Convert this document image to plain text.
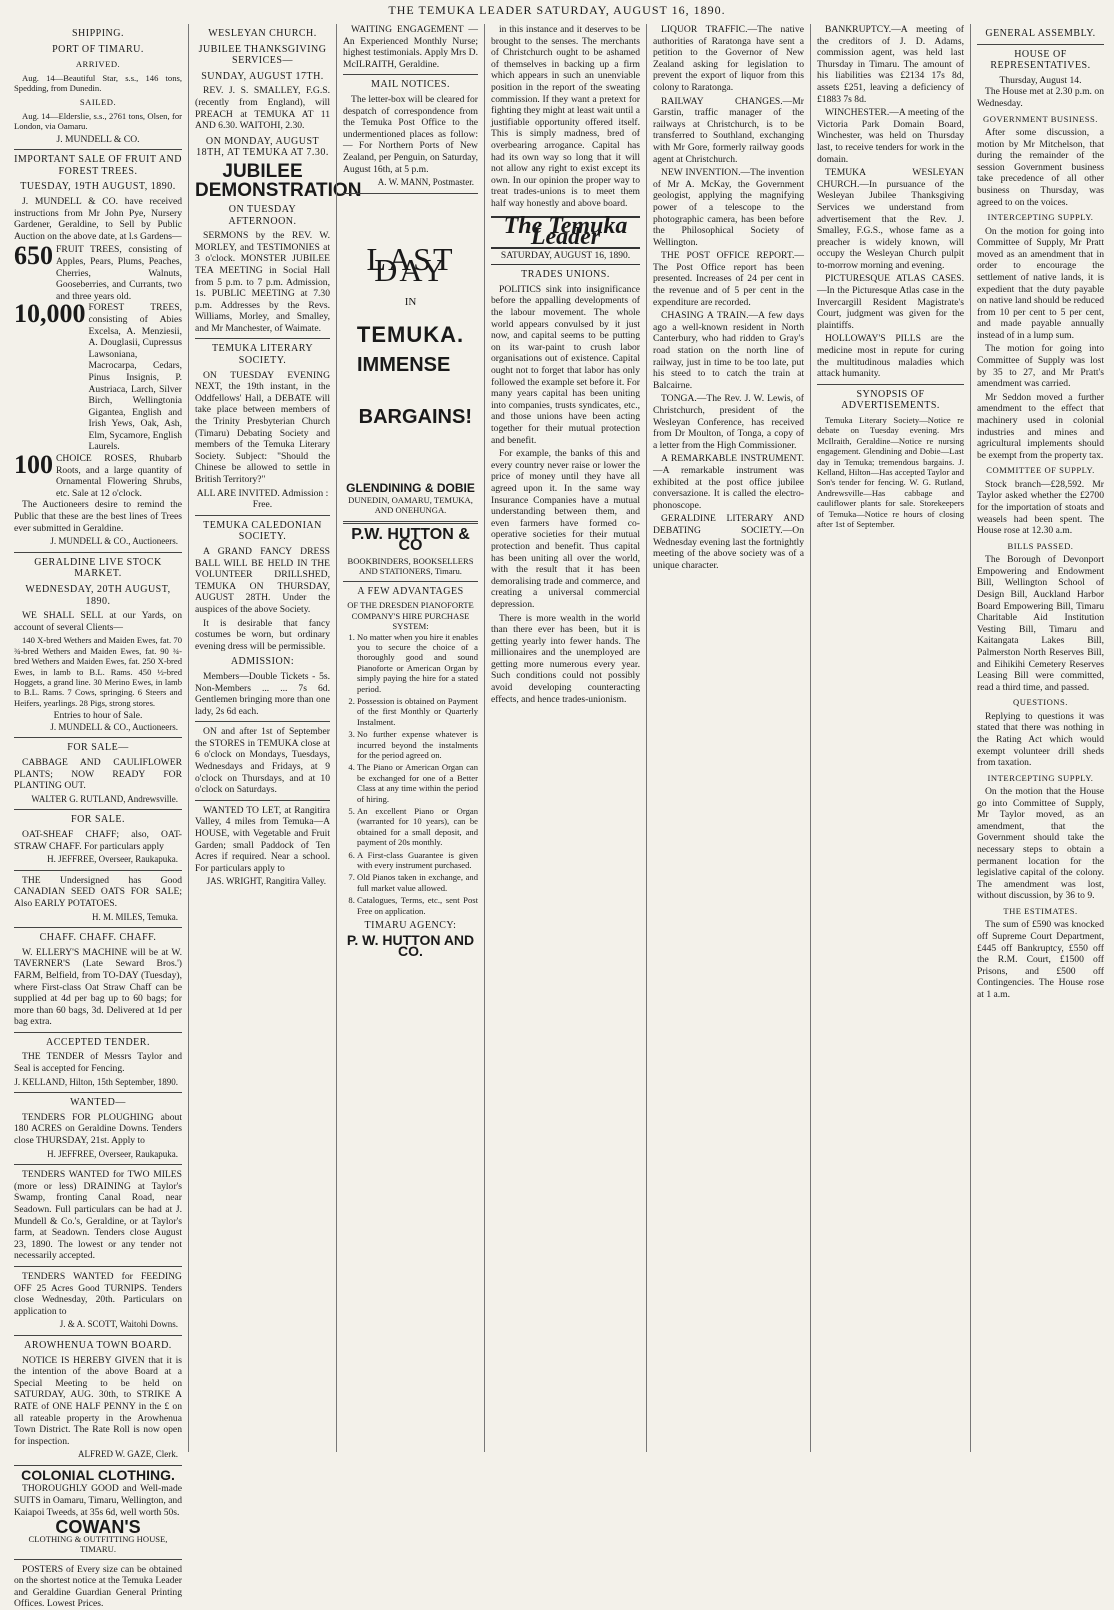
THE TEMUKA LEADER SATURDAY, AUGUST 16, 1890.
SHIPPING.
PORT OF TIMARU.
ARRIVED.

Aug. 14—Beautiful Star, s.s., 146 tons, Spedding, from Dunedin.

SAILED.

Aug. 14—Elderslie, s.s., 2761 tons, Olsen, for London, via Oamaru.

J. MUNDELL & CO.
IMPORTANT SALE OF FRUIT AND FOREST TREES.
TUESDAY, 19TH AUGUST, 1890.

J. MUNDELL & CO. have received instructions from Mr John Pye, Nursery Gardener, Geraldine, to Sell by Public Auction on the above date, at l.s Gardens—

650 FRUIT TREES, consisting of Apples, Pears, Plums, Peaches, Cherries, Walnuts, Gooseberries, and Currants, two and three years old.
10,000 FOREST TREES, consisting of Abies Excelsa, A. Menziesii, A. Douglasii, Cupressus Lawsoniana, Macrocarpa, Cedars, Pinus Insignis, P. Austriaca, Larch, Silver Birch, Wellingtonia Gigantea, English and Irish Yews, Oak, Ash, Elm, Sycamore, English Laurels.
100 CHOICE ROSES, Rhubarb Roots, and a large quantity of Ornamental Flowering Shrubs, etc. Sale at 12 o'clock.

The Auctioneers desire to remind the Public that these are the best lines of Trees ever submitted in Geraldine.

J. MUNDELL & CO., Auctioneers.
GERALDINE LIVE STOCK MARKET.
WEDNESDAY, 20TH AUGUST, 1890.

WE SHALL SELL at our Yards, on account of several Clients—

140 X-bred Wethers and Maiden Ewes, fat. 70 ¾-bred Wethers and Maiden Ewes, fat. 90 ¾-bred Wethers and Maiden Ewes, fat. 250 X-bred Ewes, in lamb to B.L. Rams. 450 ½-bred Hoggets, a grand line. 30 Merino Ewes, in lamb to B.L. Rams. 7 Cows, springing. 6 Steers and Heifers, yearlings. 28 Pigs, strong stores.

Entries to hour of Sale.
J. MUNDELL & CO., Auctioneers.
FOR SALE—

CABBAGE AND CAULIFLOWER PLANTS; NOW READY FOR PLANTING OUT.

WALTER G. RUTLAND, Andrewsville.
FOR SALE.

OAT-SHEAF CHAFF; also, OAT-STRAW CHAFF. For particulars apply

H. JEFFREE, Overseer, Raukapuka.

THE Undersigned has Good CANADIAN SEED OATS FOR SALE; Also EARLY POTATOES.

H. M. MILES, Temuka.
CHAFF. CHAFF. CHAFF.

W. ELLERY'S MACHINE will be at W. TAVERNER'S (Late Seward Bros.') FARM, Belfield, from TO-DAY (Tuesday), where First-class Oat Straw Chaff can be supplied at 4d per bag up to 60 bags; for more than 60 bags, 3d. Delivered at 1d per bag extra.

ACCEPTED TENDER.

THE TENDER of Messrs Taylor and Seal is accepted for Fencing.

J. KELLAND, Hilton, 15th September, 1890.
WANTED—

TENDERS FOR PLOUGHING about 180 ACRES on Geraldine Downs. Tenders close THURSDAY, 21st. Apply to

H. JEFFREE, Overseer, Raukapuka.

TENDERS WANTED for TWO MILES (more or less) DRAINING at Taylor's Swamp, fronting Canal Road, near Seadown. Full particulars can be had at J. Mundell & Co.'s, Geraldine, or at Taylor's farm, at Seadown. Tenders close August 23, 1890. The lowest or any tender not necessarily accepted.

TENDERS WANTED for FEEDING OFF 25 Acres Good TURNIPS. Tenders close Wednesday, 20th. Particulars on application to

J. & A. SCOTT, Waitohi Downs.
AROWHENUA TOWN BOARD.

NOTICE IS HEREBY GIVEN that it is the intention of the above Board at a Special Meeting to be held on SATURDAY, AUG. 30th, to STRIKE A RATE of ONE HALF PENNY in the £ on all rateable property in the Arowhenua Town District. The Rate Roll is now open for inspection.

ALFRED W. GAZE, Clerk.
COLONIAL CLOTHING.

THOROUGHLY GOOD and Well-made SUITS in Oamaru, Timaru, Wellington, and Kaiapoi Tweeds, at 35s 6d, well worth 50s.

COWAN'S
CLOTHING & OUTFITTING HOUSE, TIMARU.

POSTERS of Every size can be obtained on the shortest notice at the Temuka Leader and Geraldine Guardian General Printing Offices. Lowest Prices.

WESLEYAN CHURCH.
JUBILEE THANKSGIVING SERVICES—
SUNDAY, AUGUST 17TH.

REV. J. S. SMALLEY, F.G.S. (recently from England), will PREACH at TEMUKA AT 11 AND 6.30. WAITOHI, 2.30.

ON MONDAY, AUGUST 18TH, AT TEMUKA AT 7.30.
JUBILEE
DEMONSTRATION
ON TUESDAY AFTERNOON.

SERMONS by the REV. W. MORLEY, and TESTIMONIES at 3 o'clock. MONSTER JUBILEE TEA MEETING in Social Hall from 5 p.m. to 7 p.m. Admission, 1s. PUBLIC MEETING at 7.30 p.m. Addresses by the Revs. Williams, Morley, and Smalley, and Mr Manchester, of Waimate.

TEMUKA LITERARY SOCIETY.

ON TUESDAY EVENING NEXT, the 19th instant, in the Oddfellows' Hall, a DEBATE will take place between members of the Trinity Presbyterian Church (Timaru) Debating Society and members of the Temuka Literary Society. Subject: "Should the Chinese be allowed to settle in British Territory?"

ALL ARE INVITED. Admission : Free.
TEMUKA CALEDONIAN SOCIETY.

A GRAND FANCY DRESS BALL WILL BE HELD IN THE VOLUNTEER DRILLSHED, TEMUKA ON THURSDAY, AUGUST 28TH. Under the auspices of the above Society.

It is desirable that fancy costumes be worn, but ordinary evening dress will be permissible.

ADMISSION:

Members—Double Tickets - 5s. Non-Members ... ... 7s 6d. Gentlemen bringing more than one lady, 2s 6d each.

ON and after 1st of September the STORES in TEMUKA close at 6 o'clock on Mondays, Tuesdays, Wednesdays and Fridays, at 9 o'clock on Thursdays, and at 10 o'clock on Saturdays.

WANTED TO LET, at Rangitira Valley, 4 miles from Temuka—A HOUSE, with Vegetable and Fruit Garden; small Paddock of Ten Acres if required. Near a school. For particulars apply to

JAS. WRIGHT, Rangitira Valley.

WAITING ENGAGEMENT — An Experienced Monthly Nurse; highest testimonials. Apply Mrs D. McILRAITH, Geraldine.

MAIL NOTICES.

The letter-box will be cleared for despatch of correspondence from the Temuka Post Office to the undermentioned places as follow:— For Northern Ports of New Zealand, per Penguin, on Saturday, August 16th, at 5 p.m.

A. W. MANN, Postmaster.
LAST DAY
IN
TEMUKA.
IMMENSE
BARGAINS!
GLENDINING & DOBIE
DUNEDIN, OAMARU, TEMUKA, AND ONEHUNGA.
P.W. HUTTON & CO
BOOKBINDERS, BOOKSELLERS AND STATIONERS, Timaru.
A FEW ADVANTAGES
OF THE DRESDEN PIANOFORTE COMPANY'S HIRE PURCHASE SYSTEM:
1. No matter when you hire it enables you to secure the choice of a thoroughly good and sound Pianoforte or American Organ by simply paying the hire for a stated period.
2. Possession is obtained on Payment of the first Monthly or Quarterly Instalment.
3. No further expense whatever is incurred beyond the instalments for the period agreed on.
4. The Piano or American Organ can be exchanged for one of a Better Class at any time within the period of hiring.
5. An excellent Piano or Organ (warranted for 10 years), can be obtained for a small deposit, and payment of 20s monthly.
6. A First-class Guarantee is given with every instrument purchased.
7. Old Pianos taken in exchange, and full market value allowed.
8. Catalogues, Terms, etc., sent Post Free on application.
TIMARU AGENCY:
P. W. HUTTON AND CO.

in this instance and it deserves to be brought to the senses. The merchants of Christchurch ought to be ashamed of themselves in backing up a firm which appears in such an unenviable position in the report of the sweating commission. If they want a pretext for fighting they might at least wait until a justifiable opportunity offered itself. This is simply madness, bred of overbearing arrogance. Capital has had its own way so long that it will not allow any right to exist except its own. In our opinion the proper way to treat trades-unions is to meet them half way honestly and above board.

The Temuka Leader
SATURDAY, AUGUST 16, 1890.
TRADES UNIONS.

POLITICS sink into insignificance before the appalling developments of the labour movement. The whole world appears convulsed by it just now, and capital seems to be putting on its war-paint to crush labor organisations out of existence. Capital ought not to forget that labor has only followed the example set before it. For many years capital has been uniting into companies, trusts syndicates, etc., and those unions have been acting together for their mutual protection and benefit.

For example, the banks of this and every country never raise or lower the price of money until they have all agreed upon it. In the same way Insurance Companies have a mutual understanding between them, and even farmers have formed co-operative societies for their mutual protection and benefit. Thus capital has been uniting all over the world, with the result that it has been demoralising trade and commerce, and creating a universal commercial depression.

There is more wealth in the world than there ever has been, but it is getting yearly into fewer hands. The millionaires and the unemployed are getting more numerous every year. Such conditions could not possibly avoid developing counteracting effects, and hence trades-unionism.

LIQUOR TRAFFIC.—The native authorities of Raratonga have sent a petition to the Governor of New Zealand asking for legislation to prevent the export of liquor from this colony to Raratonga.

RAILWAY CHANGES.—Mr Garstin, traffic manager of the railways at Christchurch, is to be transferred to Southland, exchanging with Mr Gore, formerly railway goods agent at Christchurch.

NEW INVENTION.—The invention of Mr A. McKay, the Government geologist, applying the magnifying power of a telescope to the photographic camera, has been before the Philosophical Society of Wellington.

THE POST OFFICE REPORT.—The Post Office report has been presented. Increases of 24 per cent in the revenue and of 5 per cent in the expenditure are recorded.

CHASING A TRAIN.—A few days ago a well-known resident in North Canterbury, who had ridden to Gray's road station on the north line of railway, just in time to be too late, put his steed to to catch the train at Balcairne.

TONGA.—The Rev. J. W. Lewis, of Christchurch, president of the Wesleyan Conference, has received from Dr Moulton, of Tonga, a copy of a letter from the High Commissioner.

A REMARKABLE INSTRUMENT.—A remarkable instrument was exhibited at the post office jubilee conversazione. It is called the electro-phonoscope.

GERALDINE LITERARY AND DEBATING SOCIETY.—On Wednesday evening last the fortnightly meeting of the above society was of a unique character.

BANKRUPTCY.—A meeting of the creditors of J. D. Adams, commission agent, was held last Thursday in Timaru. The amount of his liabilities was £2134 17s 8d, assets £251, leaving a deficiency of £1883 7s 8d.

WINCHESTER.—A meeting of the Victoria Park Domain Board, Winchester, was held on Thursday last, to receive tenders for work in the domain.

TEMUKA WESLEYAN CHURCH.—In pursuance of the Wesleyan Jubilee Thanksgiving Services we understand from advertisement that the Rev. J. Smalley, F.G.S., whose fame as a preacher is widely known, will occupy the Wesleyan Church pulpit to-morrow morning and evening.

PICTURESQUE ATLAS CASES.—In the Picturesque Atlas case in the Invercargill Resident Magistrate's Court, judgment was given for the plaintiffs.

HOLLOWAY'S PILLS are the medicine most in repute for curing the multitudinous maladies which attack humanity.

SYNOPSIS OF ADVERTISEMENTS.

Temuka Literary Society—Notice re debate on Tuesday evening. Mrs McIlraith, Geraldine—Notice re nursing engagement. Glendining and Dobie—Last day in Temuka; tremendous bargains. J. Kelland, Hilton—Has accepted Taylor and Son's tender for fencing. W. G. Rutland, Andrewsville—Has cabbage and cauliflower plants for sale. Storekeepers of Temuka—Notice re hours of closing after 1st of September.

GENERAL ASSEMBLY.
HOUSE OF REPRESENTATIVES.
Thursday, August 14.

The House met at 2.30 p.m. on Wednesday.

GOVERNMENT BUSINESS.

After some discussion, a motion by Mr Mitchelson, that during the remainder of the session Government business take precedence of all other business on Thursday, was agreed to on the voices.

INTERCEPTING SUPPLY.

On the motion for going into Committee of Supply, Mr Pratt moved as an amendment that in order to encourage the settlement of native lands, it is expedient that the duty payable on native land should be reduced from 10 per cent to 5 per cent, and made payable annually instead of in a lump sum.

The motion for going into Committee of Supply was lost by 35 to 27, and Mr Pratt's amendment was carried.

Mr Seddon moved a further amendment to the effect that machinery used in colonial industries and mines and agricultural implements should be exempt from the property tax.

COMMITTEE OF SUPPLY.

Stock branch—£28,592. Mr Taylor asked whether the £2700 for the importation of stoats and weasels had been spent. The House rose at 12.30 a.m.

BILLS PASSED.

The Borough of Devonport Empowering and Endowment Bill, Wellington School of Design Bill, Auckland Harbor Board Empowering Bill, Timaru Charitable Aid Institution Vesting Bill, Timaru and Kaitangata Lakes Bill, Palmerston North Reserves Bill, and Eihikihi Cemetery Reserves Leasing Bill were committed, read a third time, and passed.

QUESTIONS.

Replying to questions it was stated that there was nothing in the Rating Act which would exempt volunteer drill sheds from taxation.

INTERCEPTING SUPPLY.

On the motion that the House go into Committee of Supply, Mr Taylor moved, as an amendment, that the Government should take the necessary steps to obtain a permanent location for the legislative capital of the colony. The amendment was lost, without discussion, by 36 to 9.

THE ESTIMATES.

The sum of £590 was knocked off Supreme Court Department, £445 off Bankruptcy, £550 off the R.M. Court, £1500 off Prisons, and £500 off Contingencies. The House rose at 1 a.m.
